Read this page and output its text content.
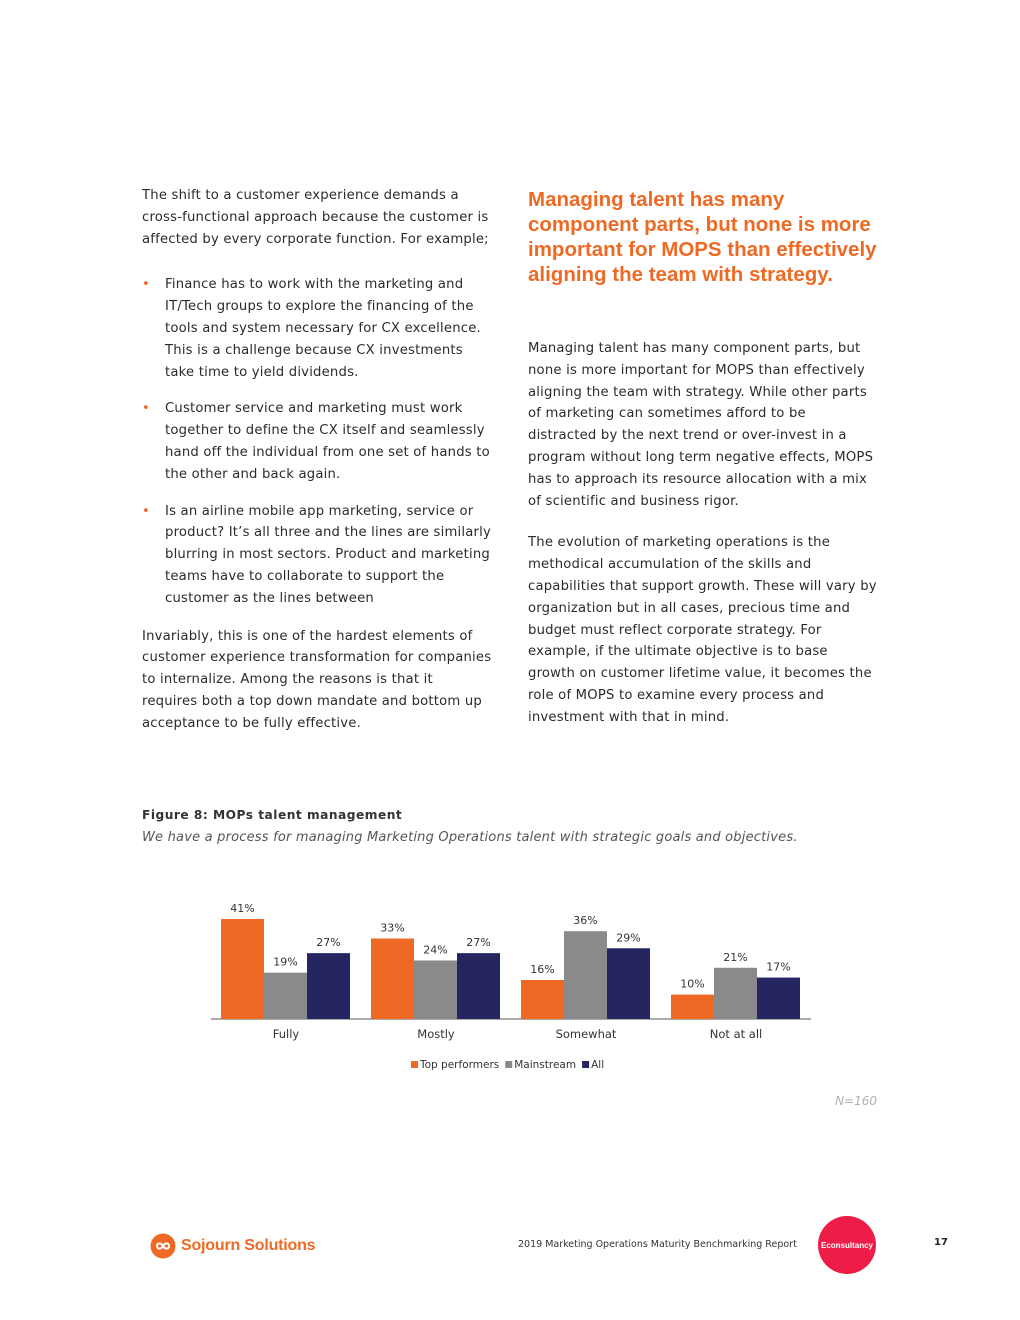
The shift to a customer experience demands a cross-functional approach because the customer is affected by every corporate function. For example;

• Finance has to work with the marketing and IT/Tech groups to explore the financing of the tools and system necessary for CX excellence. This is a challenge because CX investments take time to yield dividends.
• Customer service and marketing must work together to define the CX itself and seamlessly hand off the individual from one set of hands to the other and back again.
• Is an airline mobile app marketing, service or product? It’s all three and the lines are similarly blurring in most sectors. Product and marketing teams have to collaborate to support the customer as the lines between

Invariably, this is one of the hardest elements of customer experience transformation for companies to internalize. Among the reasons is that it requires both a top down mandate and bottom up acceptance to be fully effective.

Managing talent has many component parts, but none is more important for MOPS than effectively aligning the team with strategy.

Managing talent has many component parts, but none is more important for MOPS than effectively aligning the team with strategy. While other parts of marketing can sometimes afford to be distracted by the next trend or over-invest in a program without long term negative effects, MOPS has to approach its resource allocation with a mix of scientific and business rigor.

The evolution of marketing operations is the methodical accumulation of the skills and capabilities that support growth. These will vary by organization but in all cases, precious time and budget must reflect corporate strategy. For example, if the ultimate objective is to base growth on customer lifetime value, it becomes the role of MOPS to examine every process and investment with that in mind.

Figure 8: MOPs talent management

We have a process for managing Marketing Operations talent with strategic goals and objectives.

41%
19%
27%
Fully
33%
24%
27%
Mostly
16%
36%
29%
Somewhat
10%
21%
17%
Not at all
Top performers Mainstream All
N=160
Sojourn Solutions	2019 Marketing Operations Maturity Benchmarking Report	Econsultancy	17
